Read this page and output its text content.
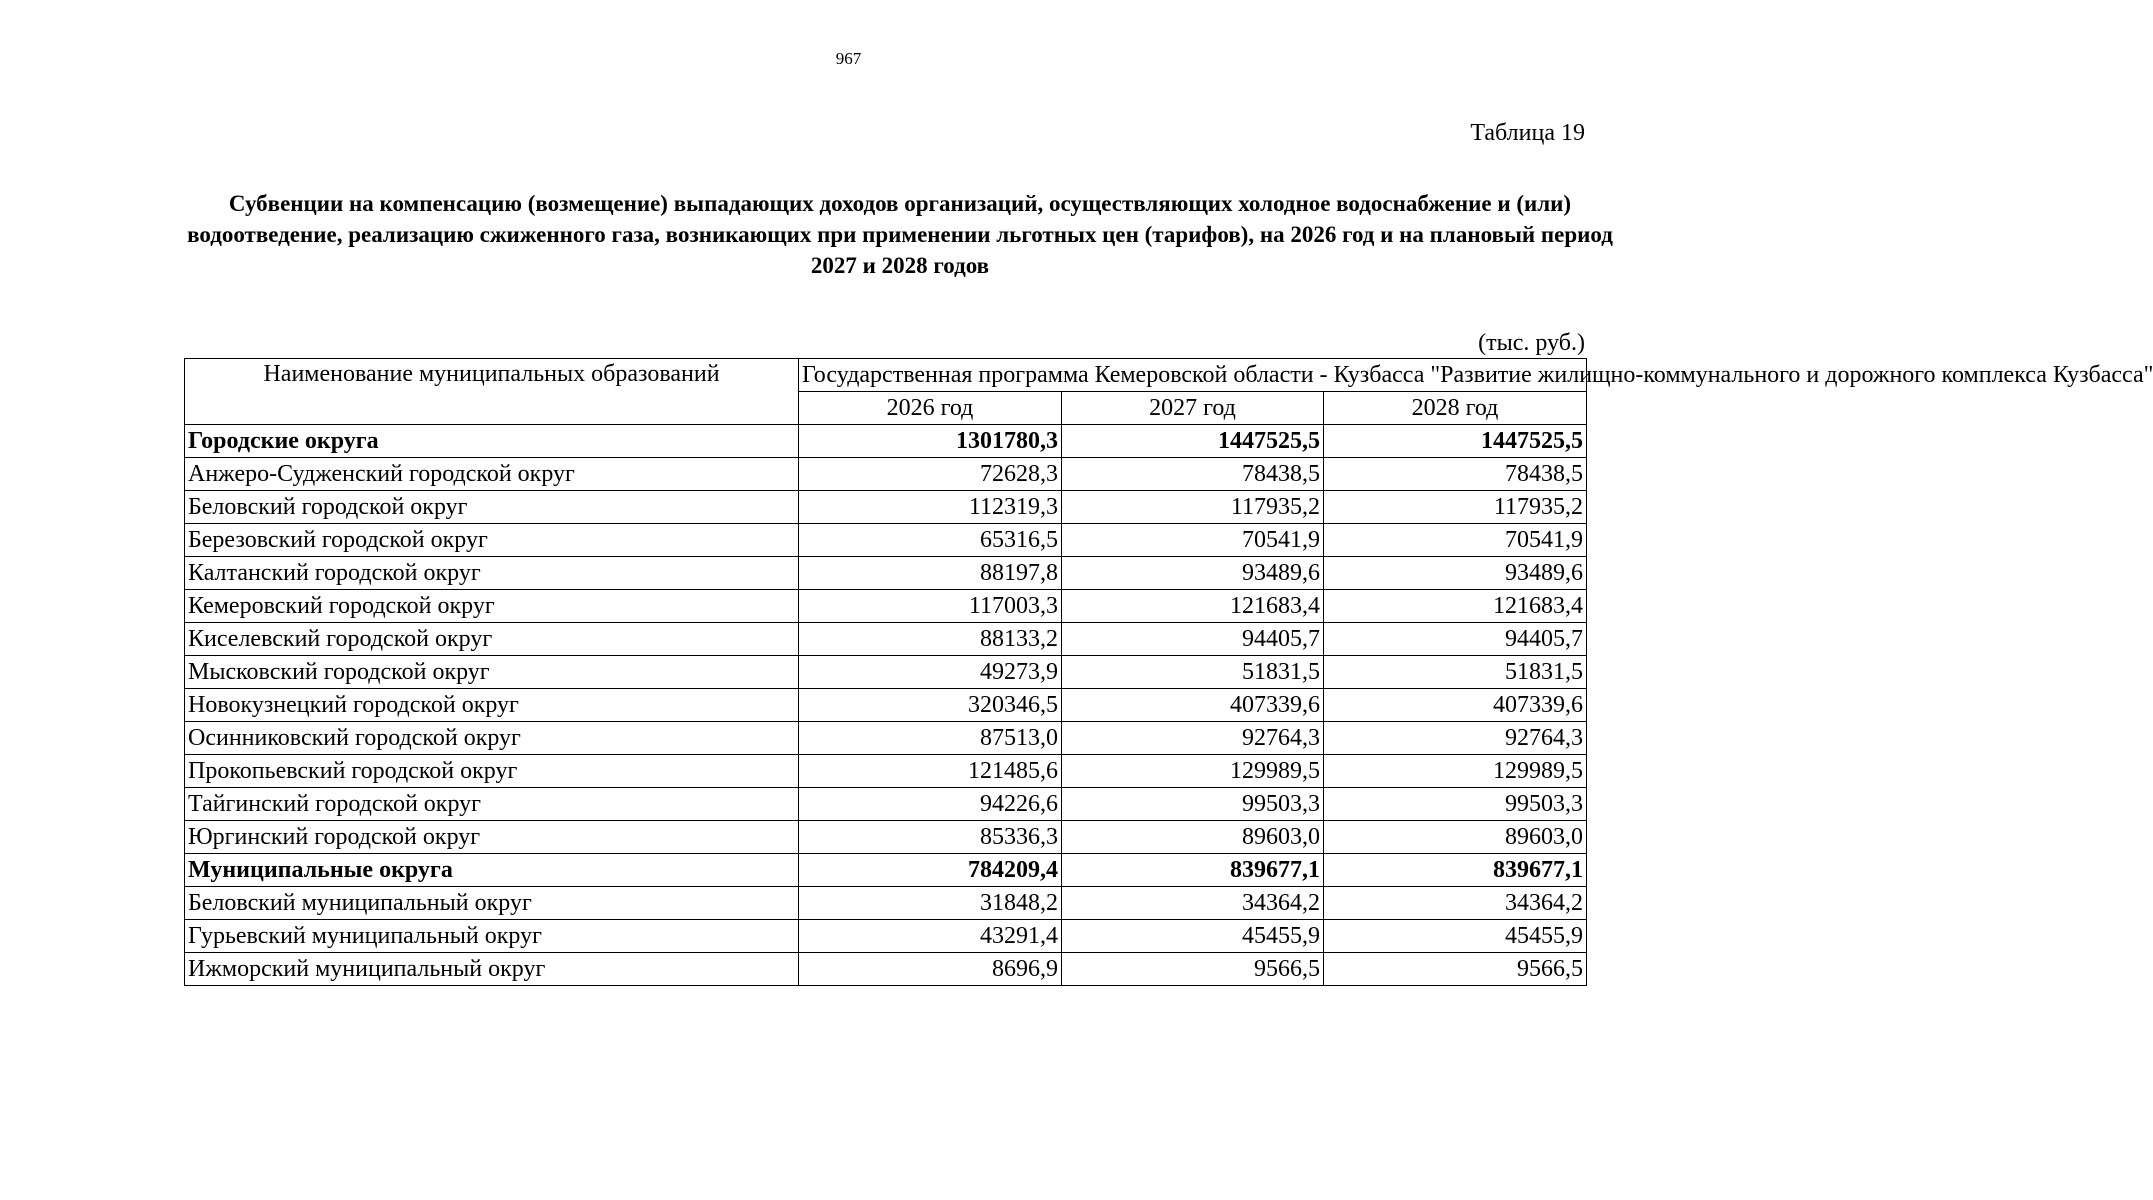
967
Таблица 19
Субвенции на компенсацию (возмещение) выпадающих доходов организаций, осуществляющих холодное водоснабжение и (или) водоотведение, реализацию сжиженного газа, возникающих при применении льготных цен (тарифов), на 2026 год и на плановый период 2027 и 2028 годов
(тыс. руб.)
Наименование муниципальных образований	Государственная программа Кемеровской области - Кузбасса "Развитие жилищно-коммунального и дорожного комплекса Кузбасса"		
	2026 год	2027 год	2028 год
Городские округа	1301780,3	1447525,5	1447525,5
Анжеро-Судженский городской округ	72628,3	78438,5	78438,5
Беловский городской округ	112319,3	117935,2	117935,2
Березовский городской округ	65316,5	70541,9	70541,9
Калтанский городской округ	88197,8	93489,6	93489,6
Кемеровский городской округ	117003,3	121683,4	121683,4
Киселевский городской округ	88133,2	94405,7	94405,7
Мысковский городской округ	49273,9	51831,5	51831,5
Новокузнецкий городской округ	320346,5	407339,6	407339,6
Осинниковский городской округ	87513,0	92764,3	92764,3
Прокопьевский городской округ	121485,6	129989,5	129989,5
Тайгинский городской округ	94226,6	99503,3	99503,3
Юргинский городской округ	85336,3	89603,0	89603,0
Муниципальные округа	784209,4	839677,1	839677,1
Беловский муниципальный округ	31848,2	34364,2	34364,2
Гурьевский муниципальный округ	43291,4	45455,9	45455,9
Ижморский муниципальный округ	8696,9	9566,5	9566,5
